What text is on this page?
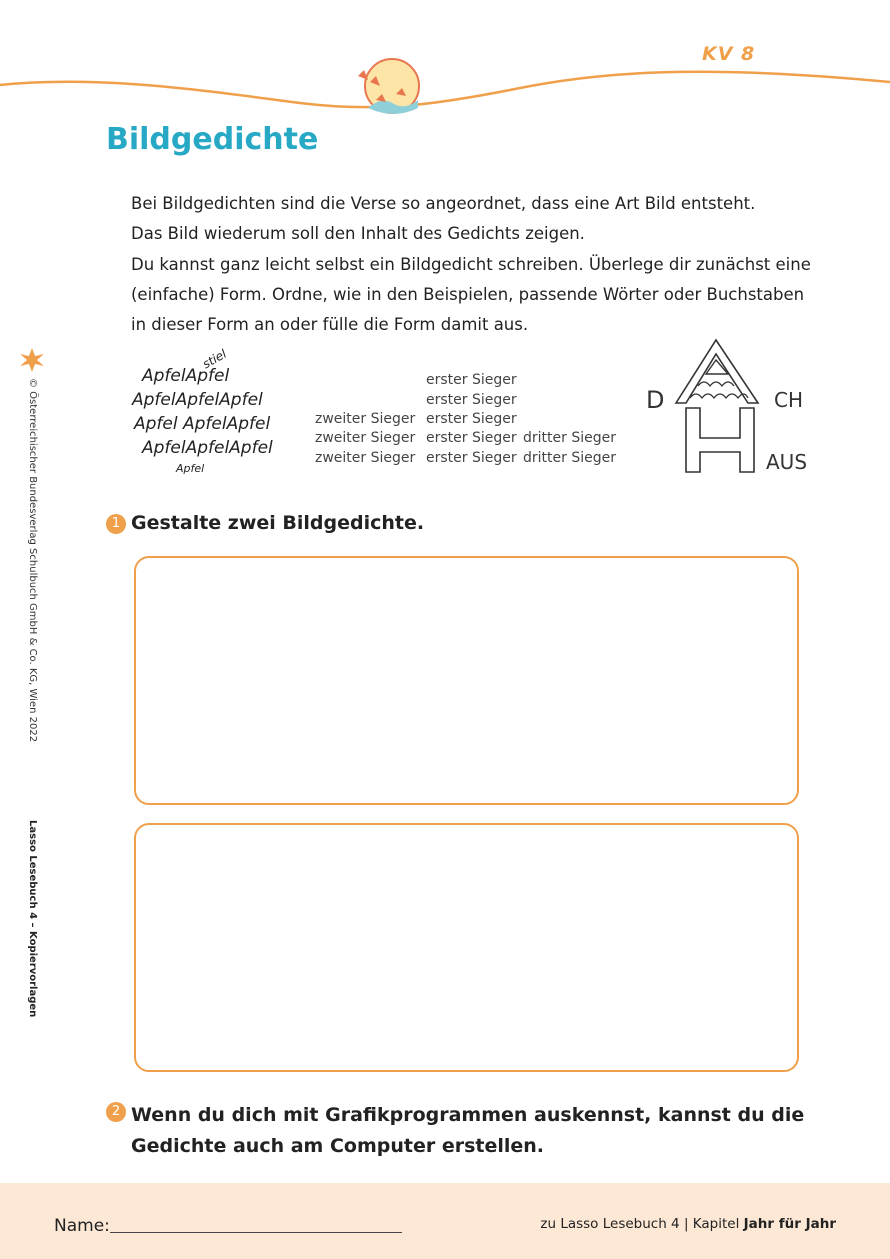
KV 8
Bildgedichte
Bei Bildgedichten sind die Verse so angeordnet, dass eine Art Bild entsteht.
Das Bild wiederum soll den Inhalt des Gedichts zeigen.
Du kannst ganz leicht selbst ein Bildgedicht schreiben. Überlege dir zunächst eine
(einfache) Form. Ordne, wie in den Beispielen, passende Wörter oder Buchstaben
in dieser Form an oder fülle die Form damit aus.
stiel
ApfelApfel
ApfelApfelApfel
Apfel ApfelApfel
ApfelApfelApfel
Apfel
erster Sieger
erster Sieger
zweiter Sieger erster Sieger
zweiter Sieger erster Sieger dritter Sieger
zweiter Sieger erster Sieger dritter Sieger
D	CH
AUS
1 Gestalte zwei Bildgedichte.
2 Wenn du dich mit Grafikprogrammen auskennst, kannst du die
Gedichte auch am Computer erstellen.
© Österreichischer Bundesverlag Schulbuch GmbH & Co. KG, Wien 2022
Lasso Lesebuch 4 – Kopiervorlagen
Name:	zu Lasso Lesebuch 4 | Kapitel Jahr für Jahr
